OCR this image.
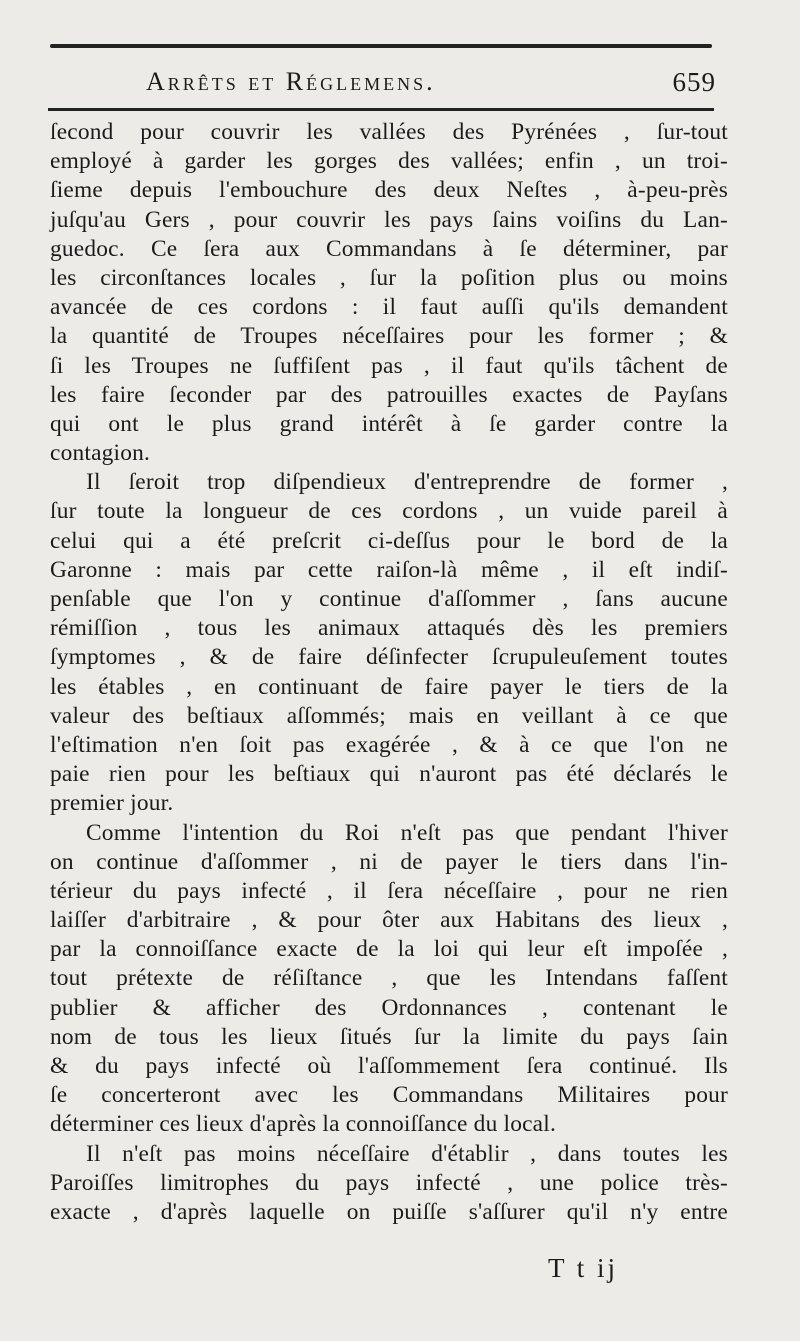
Arrêts et Réglemens.	659
ſecond pour couvrir les vallées des Pyrénées , ſur-tout
employé à garder les gorges des vallées; enfin , un troi-
ſieme depuis l'embouchure des deux Neſtes , à-peu-près
juſqu'au Gers , pour couvrir les pays ſains voiſins du Lan-
guedoc. Ce ſera aux Commandans à ſe déterminer, par
les circonſtances locales , ſur la poſition plus ou moins
avancée de ces cordons : il faut auſſi qu'ils demandent
la quantité de Troupes néceſſaires pour les former ; &
ſi les Troupes ne ſuffiſent pas , il faut qu'ils tâchent de
les faire ſeconder par des patrouilles exactes de Payſans
qui ont le plus grand intérêt à ſe garder contre la
contagion.
Il ſeroit trop diſpendieux d'entreprendre de former ,
ſur toute la longueur de ces cordons , un vuide pareil à
celui qui a été preſcrit ci-deſſus pour le bord de la
Garonne : mais par cette raiſon-là même , il eſt indiſ-
penſable que l'on y continue d'aſſommer , ſans aucune
rémiſſion , tous les animaux attaqués dès les premiers
ſymptomes , & de faire déſinfecter ſcrupuleuſement toutes
les étables , en continuant de faire payer le tiers de la
valeur des beſtiaux aſſommés; mais en veillant à ce que
l'eſtimation n'en ſoit pas exagérée , & à ce que l'on ne
paie rien pour les beſtiaux qui n'auront pas été déclarés le
premier jour.
Comme l'intention du Roi n'eſt pas que pendant l'hiver
on continue d'aſſommer , ni de payer le tiers dans l'in-
térieur du pays infecté , il ſera néceſſaire , pour ne rien
laiſſer d'arbitraire , & pour ôter aux Habitans des lieux ,
par la connoiſſance exacte de la loi qui leur eſt impoſée ,
tout prétexte de réſiſtance , que les Intendans faſſent
publier & afficher des Ordonnances , contenant le
nom de tous les lieux ſitués ſur la limite du pays ſain
& du pays infecté où l'aſſommement ſera continué. Ils
ſe concerteront avec les Commandans Militaires pour
déterminer ces lieux d'après la connoiſſance du local.
Il n'eſt pas moins néceſſaire d'établir , dans toutes les
Paroiſſes limitrophes du pays infecté , une police très-
exacte , d'après laquelle on puiſſe s'aſſurer qu'il n'y entre
T t ij
